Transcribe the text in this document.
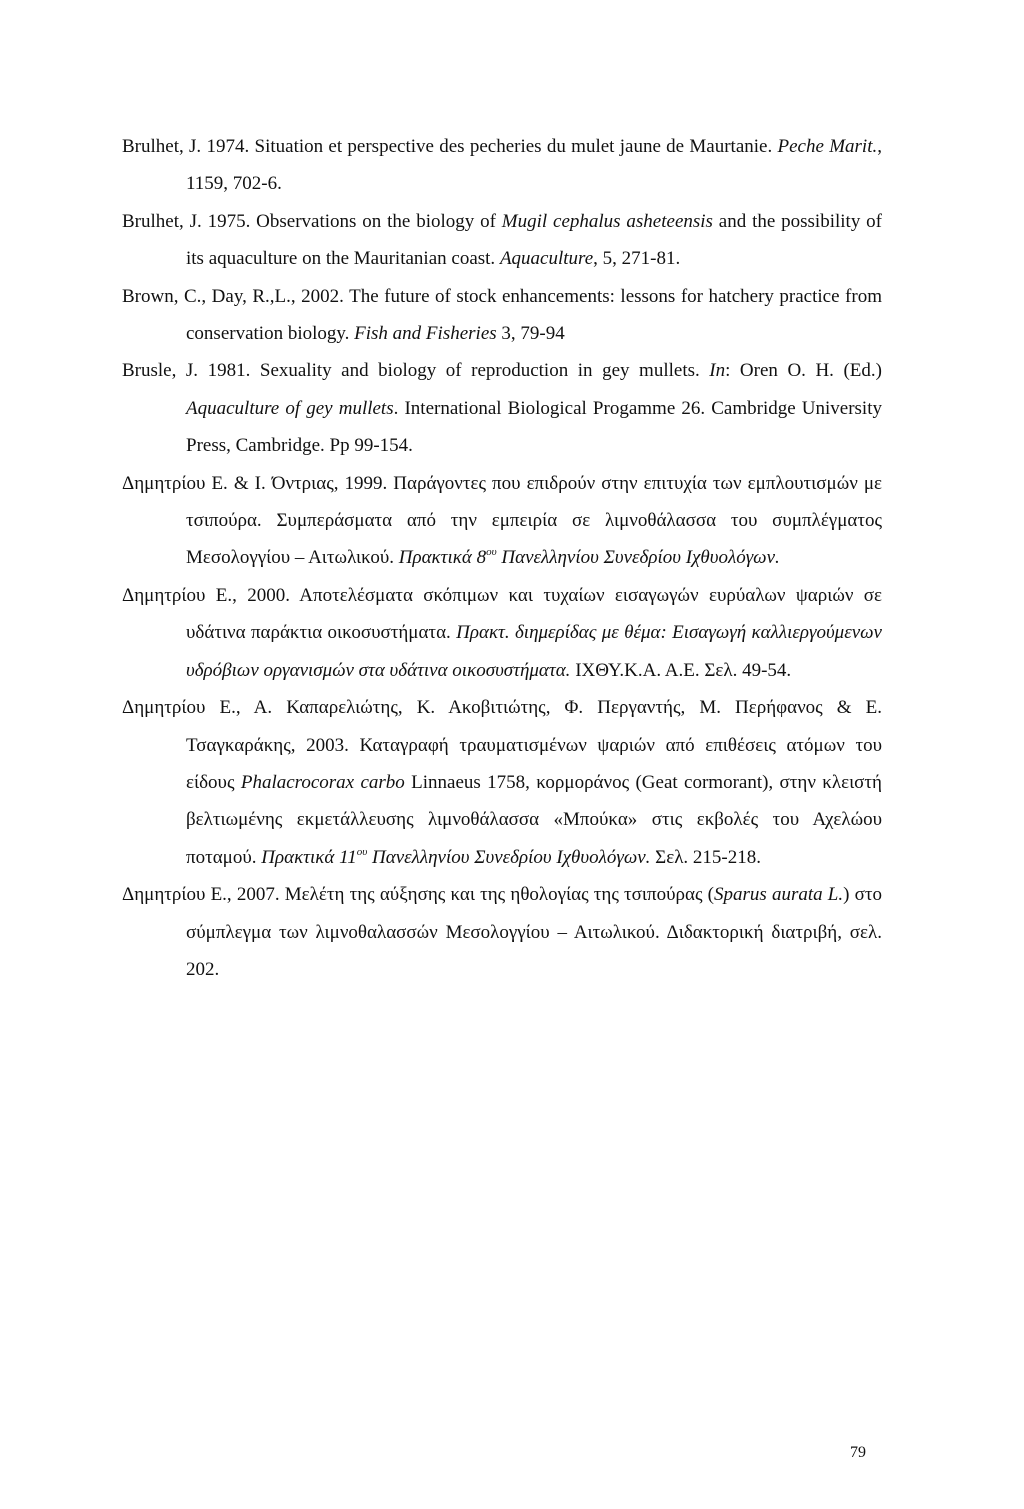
Brulhet, J. 1974. Situation et perspective des pecheries du mulet jaune de Maurtanie. Peche Marit., 1159, 702-6.

Brulhet, J. 1975. Observations on the biology of Mugil cephalus asheteensis and the possibility of its aquaculture on the Mauritanian coast. Aquaculture, 5, 271-81.

Brown, C., Day, R.,L., 2002. The future of stock enhancements: lessons for hatchery practice from conservation biology. Fish and Fisheries 3, 79-94

Brusle, J. 1981. Sexuality and biology of reproduction in gey mullets. In: Oren O. H. (Ed.) Aquaculture of gey mullets. International Biological Progamme 26. Cambridge University Press, Cambridge. Pp 99-154.

Δημητρίου Ε. & Ι. Όντριας, 1999. Παράγοντες που επιδρούν στην επιτυχία των εμπλουτισμών με τσιπούρα. Συμπεράσματα από την εμπειρία σε λιμνοθάλασσα του συμπλέγματος Μεσολογγίου – Αιτωλικού. Πρακτικά $8^{o\upsilon}$ Πανελληνίου Συνεδρίου Ιχθυολόγων.

Δημητρίου Ε., 2000. Αποτελέσματα σκόπιμων και τυχαίων εισαγωγών ευρύαλων ψαριών σε υδάτινα παράκτια οικοσυστήματα. Πρακτ. διημερίδας με θέμα: Εισαγωγή καλλιεργούμενων υδρόβιων οργανισμών στα υδάτινα οικοσυστήματα. ΙΧΘΥ.Κ.Α. Α.Ε. Σελ. 49-54.

Δημητρίου Ε., Α. Καπαρελιώτης, Κ. Ακοβιτιώτης, Φ. Περγαντής, Μ. Περήφανος & Ε. Τσαγκαράκης, 2003. Καταγραφή τραυματισμένων ψαριών από επιθέσεις ατόμων του είδους Phalacrocorax carbo Linnaeus 1758, κορμοράνος (Geat cormorant), στην κλειστή βελτιωμένης εκμετάλλευσης λιμνοθάλασσα «Μπούκα» στις εκβολές του Αχελώου ποταμού. Πρακτικά $11^{o\upsilon}$ Πανελληνίου Συνεδρίου Ιχθυολόγων. Σελ. 215-218.

Δημητρίου Ε., 2007. Μελέτη της αύξησης και της ηθολογίας της τσιπούρας (Sparus aurata L.) στο σύμπλεγμα των λιμνοθαλασσών Μεσολογγίου – Αιτωλικού. Διδακτορική διατριβή, σελ. 202.

79
